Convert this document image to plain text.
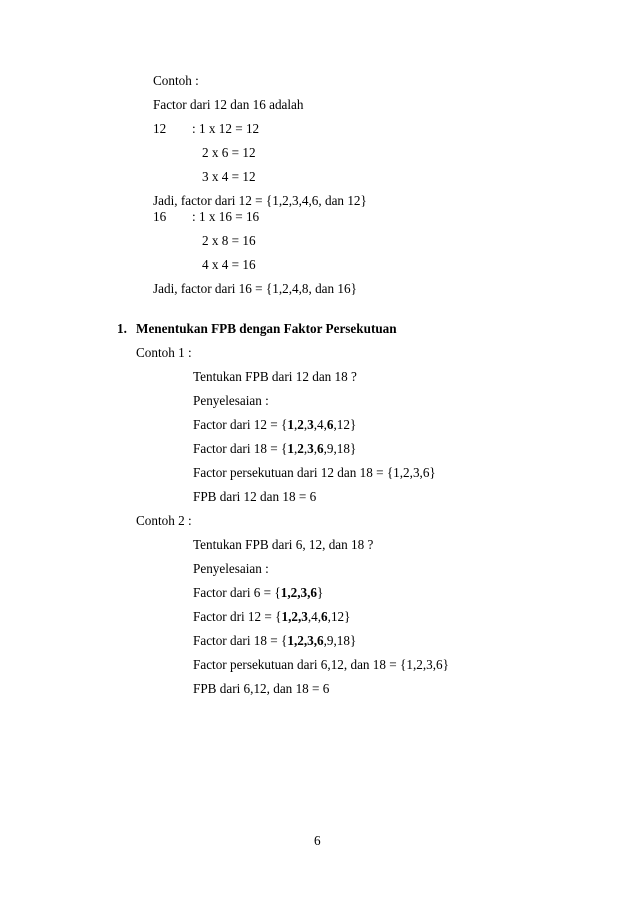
Contoh :
Factor dari 12 dan 16 adalah
12 : 1 x 12 = 12
2 x 6 = 12
3 x 4 = 12
Jadi, factor dari 12 = {1,2,3,4,6, dan 12}
16 : 1 x 16 = 16
2 x 8 = 16
4 x 4 = 16
Jadi, factor dari 16 = {1,2,4,8, dan 16}
1. Menentukan FPB dengan Faktor Persekutuan
Contoh 1 :
Tentukan FPB dari 12 dan 18 ?
Penyelesaian :
Factor dari 12 = {1,2,3,4,6,12}
Factor dari 18 = {1,2,3,6,9,18}
Factor persekutuan dari 12 dan 18 = {1,2,3,6}
FPB dari 12 dan 18 = 6
Contoh 2 :
Tentukan FPB dari 6, 12, dan 18 ?
Penyelesaian :
Factor dari 6 = {1,2,3,6}
Factor dri 12 = {1,2,3,4,6,12}
Factor dari 18 = {1,2,3,6,9,18}
Factor persekutuan dari 6,12, dan 18 = {1,2,3,6}
FPB dari 6,12, dan 18 = 6
6
